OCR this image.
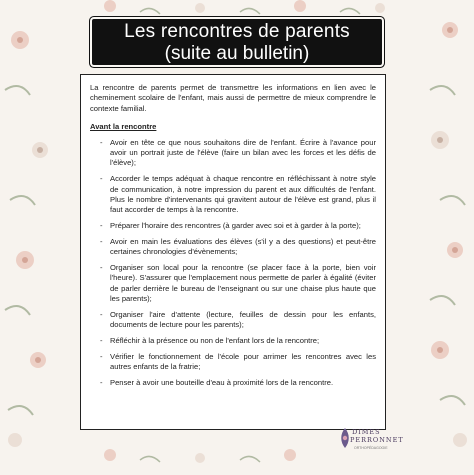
Les rencontres de parents
(suite au bulletin)

La rencontre de parents permet de transmettre les informations en lien avec le cheminement scolaire de l'enfant, mais aussi de permettre de mieux comprendre le contexte familial.

Avant la rencontre

- Avoir en tête ce que nous souhaitons dire de l'enfant. Écrire à l'avance pour avoir un portrait juste de l'élève (faire un bilan avec les forces et les défis de l'élève);
- Accorder le temps adéquat à chaque rencontre en réfléchissant à notre style de communication, à notre impression du parent et aux difficultés de l'enfant. Plus le nombre d'intervenants qui gravitent autour de l'élève est grand, plus il faut accorder de temps à la rencontre.
- Préparer l'horaire des rencontres (à garder avec soi et à garder à la porte);
- Avoir en main les évaluations des élèves (s'il y a des questions) et peut-être certaines chronologies d'évènements;
- Organiser son local pour la rencontre (se placer face à la porte, bien voir l'heure). S'assurer que l'emplacement nous permette de parler à égalité (éviter de parler derrière le bureau de l'enseignant ou sur une chaise plus haute que les parents);
- Organiser l'aire d'attente (lecture, feuilles de dessin pour les enfants, documents de lecture pour les parents);
- Réfléchir à la présence ou non de l'enfant lors de la rencontre;
- Vérifier le fonctionnement de l'école pour arrimer les rencontres avec les autres enfants de la fratrie;
- Penser à avoir une bouteille d'eau à proximité lors de la rencontre.
DIMES
PERRONNET
ORTHOPÉDAGOGIE
